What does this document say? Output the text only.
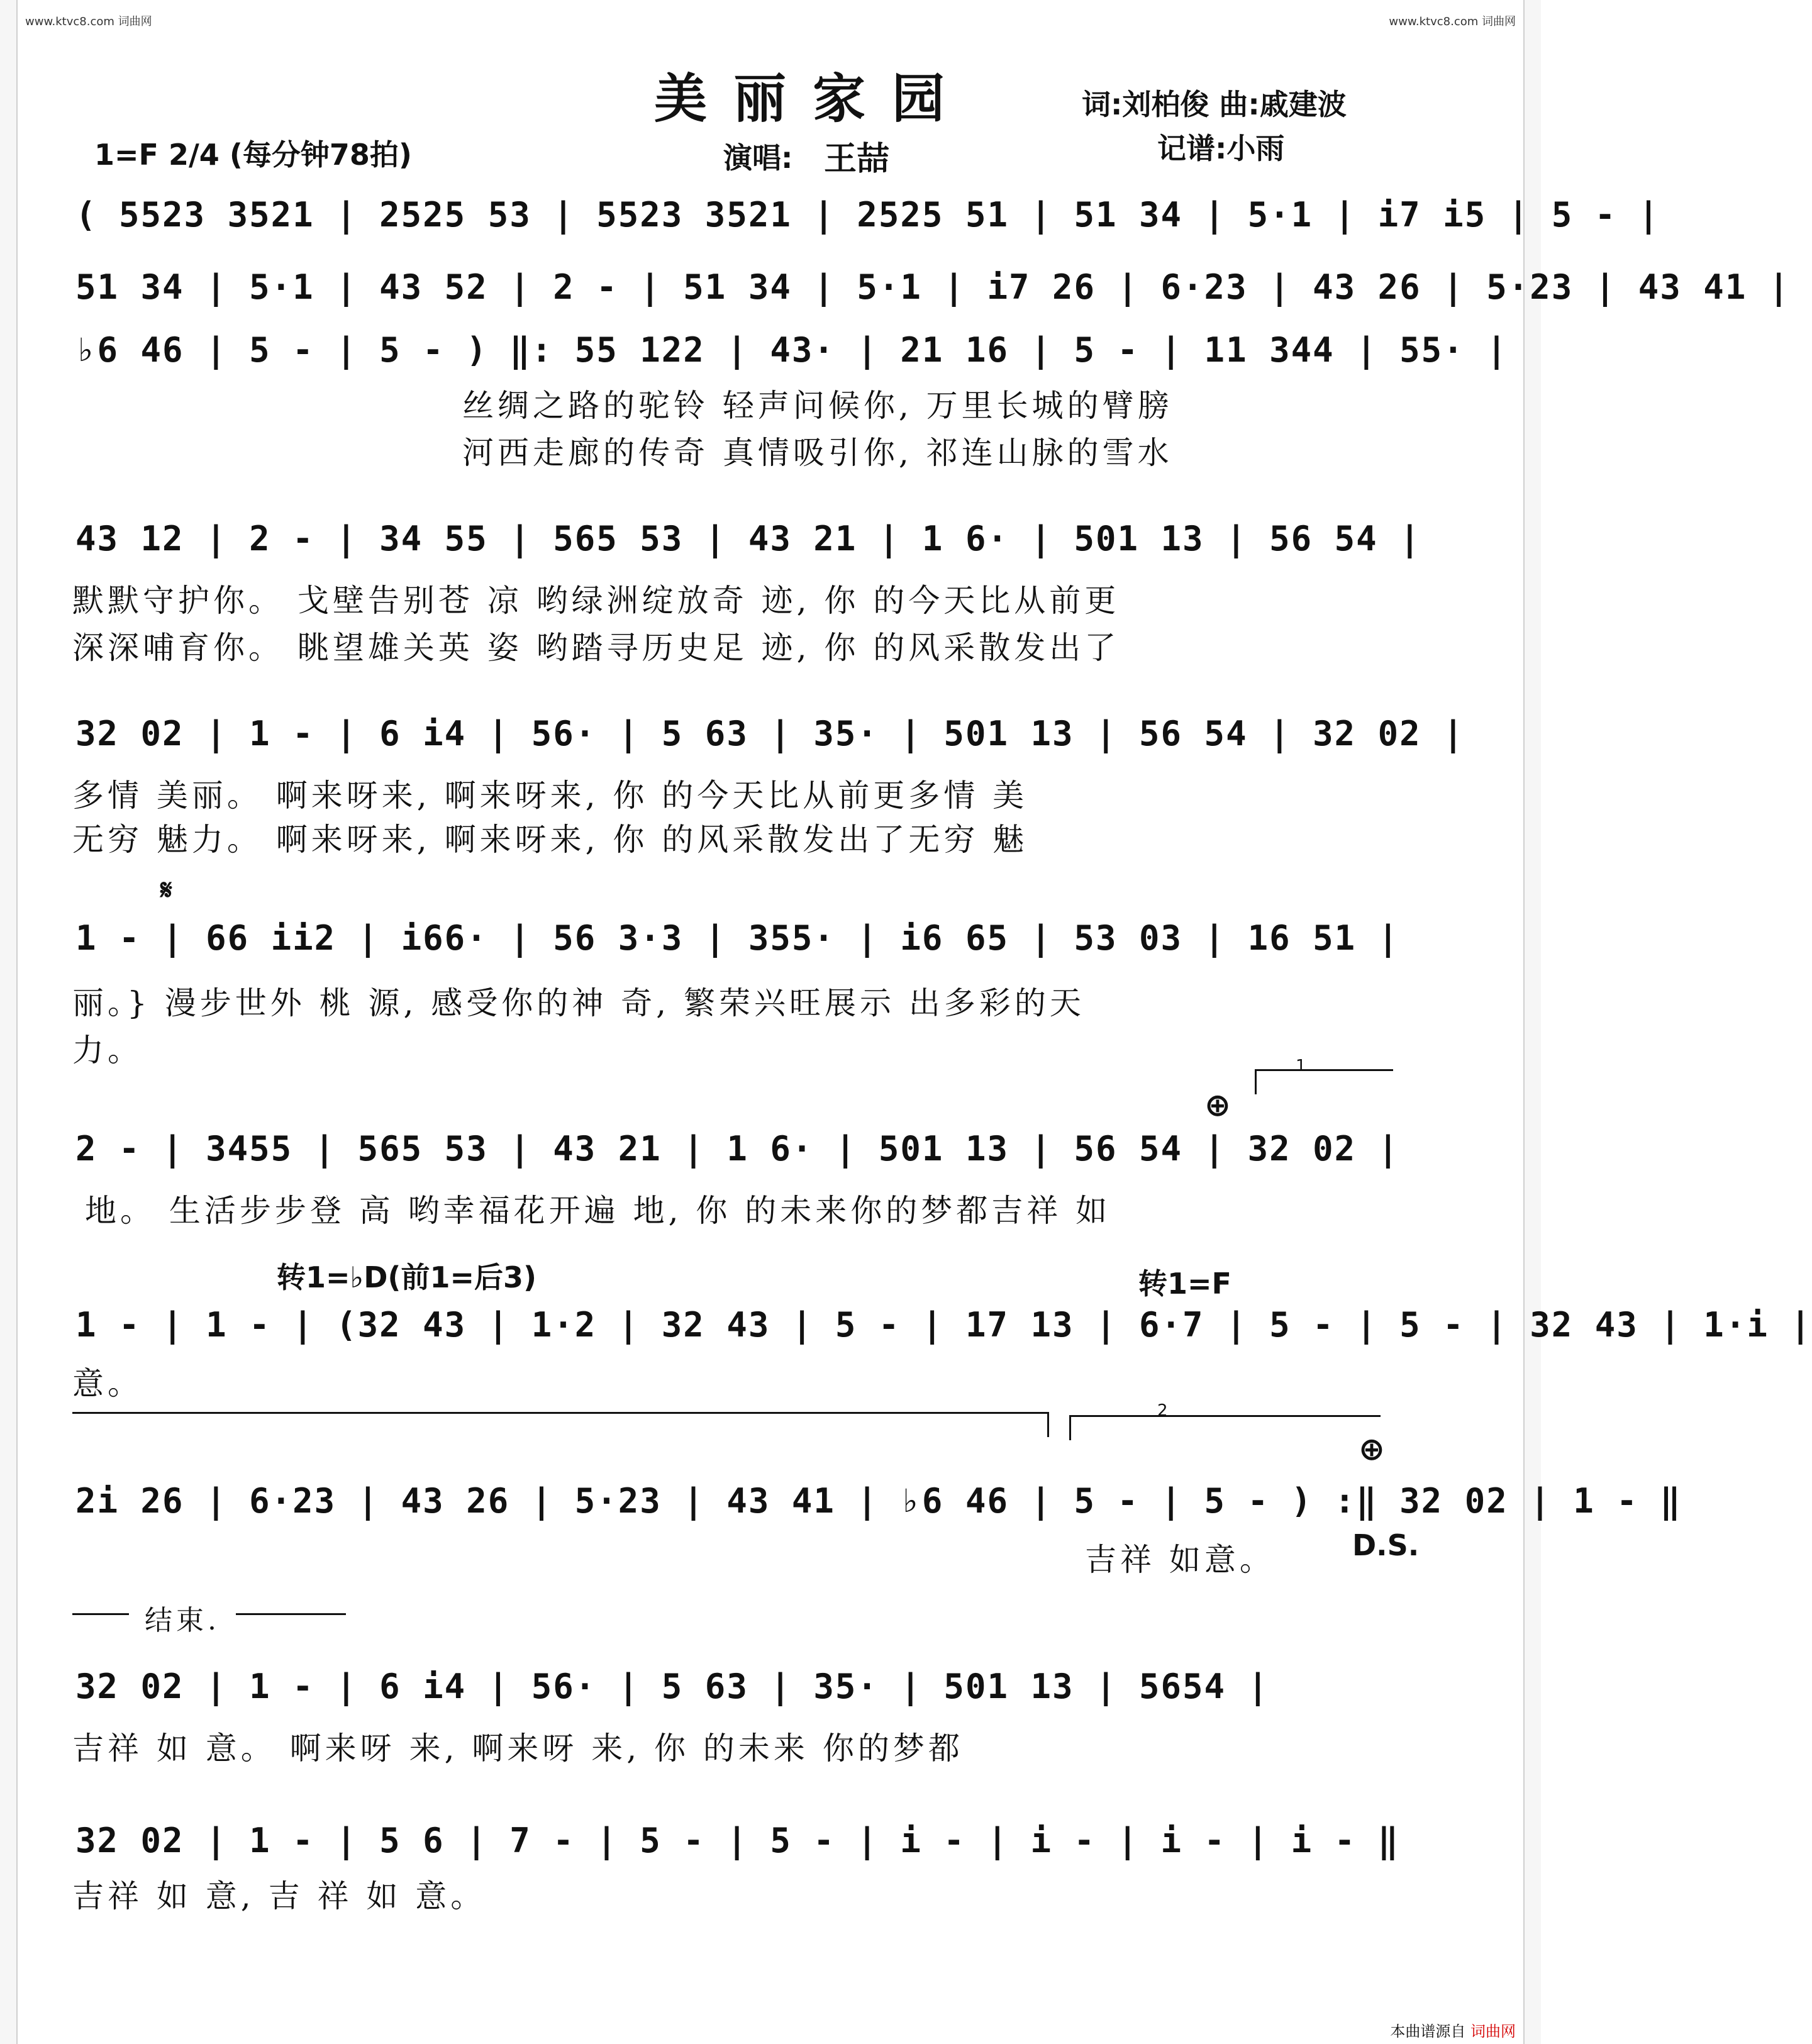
www.ktvc8.com 词曲网	www.ktvc8.com 词曲网
美丽家园	词:刘柏俊 曲:戚建波
1=F 2/4 (每分钟78拍)	演唱: 王喆	记谱:小雨
( 5523 3521 | 2525 53 | 5523 3521 | 2525 51 | 51 34 | 5·1 | i7 i5 | 5 - |
51 34 | 5·1 | 43 52 | 2 - | 51 34 | 5·1 | i7 26 | 6·23 | 43 26 | 5·23 | 43 41 |
♭6 46 | 5 - | 5 - ) ‖: 55 122 | 43· | 21 16 | 5 - | 11 344 | 55· |
丝绸之路的驼铃 轻声问候你, 万里长城的臂膀
河西走廊的传奇 真情吸引你, 祁连山脉的雪水
43 12 | 2 - | 34 55 | 565 53 | 43 21 | 1 6· | 501 13 | 56 54 |
默默守护你。 戈壁告别苍 凉 哟绿洲绽放奇 迹, 你 的今天比从前更
深深哺育你。 眺望雄关英 姿 哟踏寻历史足 迹, 你 的风采散发出了
32 02 | 1 - | 6 i4 | 56· | 5 63 | 35· | 501 13 | 56 54 | 32 02 |
多情 美丽。 啊来呀来, 啊来呀来, 你 的今天比从前更多情 美
无穷 魅力。 啊来呀来, 啊来呀来, 你 的风采散发出了无穷 魅
𝄋
1 - | 66 ii2 | i66· | 56 3·3 | 355· | i6 65 | 53 03 | 16 51 |
丽。} 漫步世外 桃 源, 感受你的神 奇, 繁荣兴旺展示 出多彩的天
力。	1
⊕
2 - | 3455 | 565 53 | 43 21 | 1 6· | 501 13 | 56 54 | 32 02 |
地。 生活步步登 高 哟幸福花开遍 地, 你 的未来你的梦都吉祥 如
转1=♭D(前1=后3)	转1=F
1 - | 1 - | (32 43 | 1·2 | 32 43 | 5 - | 17 13 | 6·7 | 5 - | 5 - | 32 43 | 1·i |
意。
2
⊕
2i 26 | 6·23 | 43 26 | 5·23 | 43 41 | ♭6 46 | 5 - | 5 - ) :‖ 32 02 | 1 - ‖
吉祥 如意。	D.S.
结束.
32 02 | 1 - | 6 i4 | 56· | 5 63 | 35· | 501 13 | 5654 |
吉祥 如 意。 啊来呀 来, 啊来呀 来, 你 的未来 你的梦都
32 02 | 1 - | 5 6 | 7 - | 5 - | 5 - | i - | i - | i - | i - ‖
吉祥 如 意, 吉 祥 如 意。
本曲谱源自 词曲网
